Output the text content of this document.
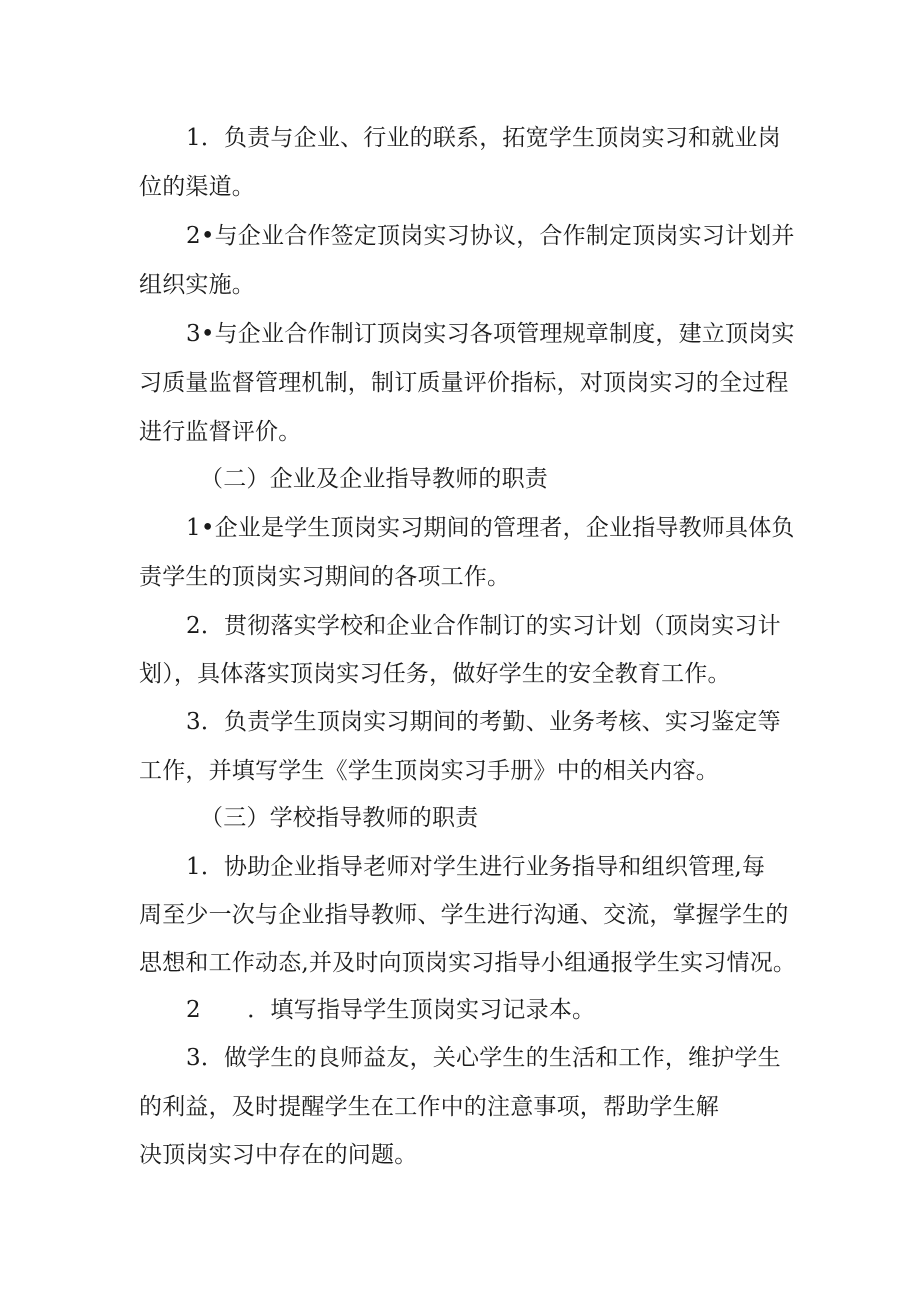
1．负责与企业、行业的联系，拓宽学生顶岗实习和就业岗
位的渠道。
2•与企业合作签定顶岗实习协议，合作制定顶岗实习计划并
组织实施。
3•与企业合作制订顶岗实习各项管理规章制度，建立顶岗实
习质量监督管理机制，制订质量评价指标，对顶岗实习的全过程
进行监督评价。
（二）企业及企业指导教师的职责
1•企业是学生顶岗实习期间的管理者，企业指导教师具体负
责学生的顶岗实习期间的各项工作。
2．贯彻落实学校和企业合作制订的实习计划（顶岗实习计
划），具体落实顶岗实习任务，做好学生的安全教育工作。
3．负责学生顶岗实习期间的考勤、业务考核、实习鉴定等
工作，并填写学生《学生顶岗实习手册》中的相关内容。
（三）学校指导教师的职责
1．协助企业指导老师对学生进行业务指导和组织管理,每
周至少一次与企业指导教师、学生进行沟通、交流，掌握学生的
思想和工作动态,并及时向顶岗实习指导小组通报学生实习情况。
2　　．填写指导学生顶岗实习记录本。
3．做学生的良师益友，关心学生的生活和工作，维护学生
的利益，及时提醒学生在工作中的注意事项，帮助学生解
决顶岗实习中存在的问题。
